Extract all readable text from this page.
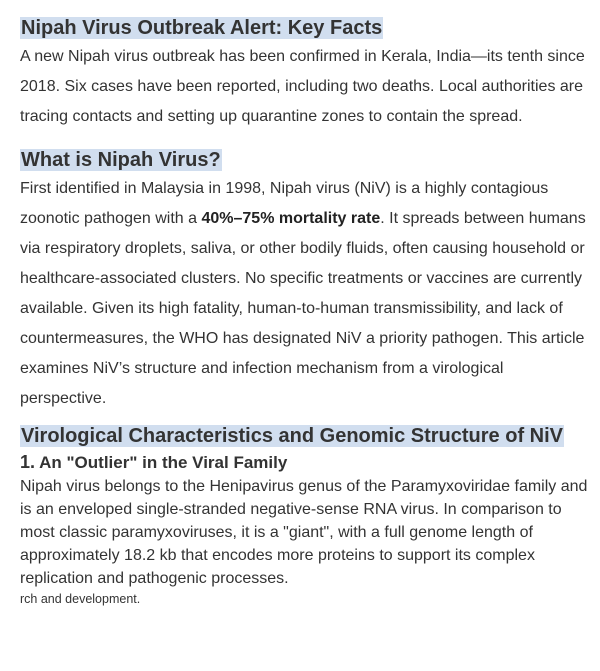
Nipah Virus Outbreak Alert: Key Facts

A new Nipah virus outbreak has been confirmed in Kerala, India—its tenth since 2018. Six cases have been reported, including two deaths. Local authorities are tracing contacts and setting up quarantine zones to contain the spread.

What is Nipah Virus?

First identified in Malaysia in 1998, Nipah virus (NiV) is a highly contagious zoonotic pathogen with a 40%–75% mortality rate. It spreads between humans via respiratory droplets, saliva, or other bodily fluids, often causing household or healthcare-associated clusters. No specific treatments or vaccines are currently available. Given its high fatality, human-to-human transmissibility, and lack of countermeasures, the WHO has designated NiV a priority pathogen. This article examines NiV’s structure and infection mechanism from a virological perspective.

Virological Characteristics and Genomic Structure of NiV
1. An "Outlier" in the Viral Family

Nipah virus belongs to the Henipavirus genus of the Paramyxoviridae family and is an enveloped single-stranded negative-sense RNA virus. In comparison to most classic paramyxoviruses, it is a "giant", with a full genome length of approximately 18.2 kb that encodes more proteins to support its complex replication and pathogenic processes.

rch and development.
